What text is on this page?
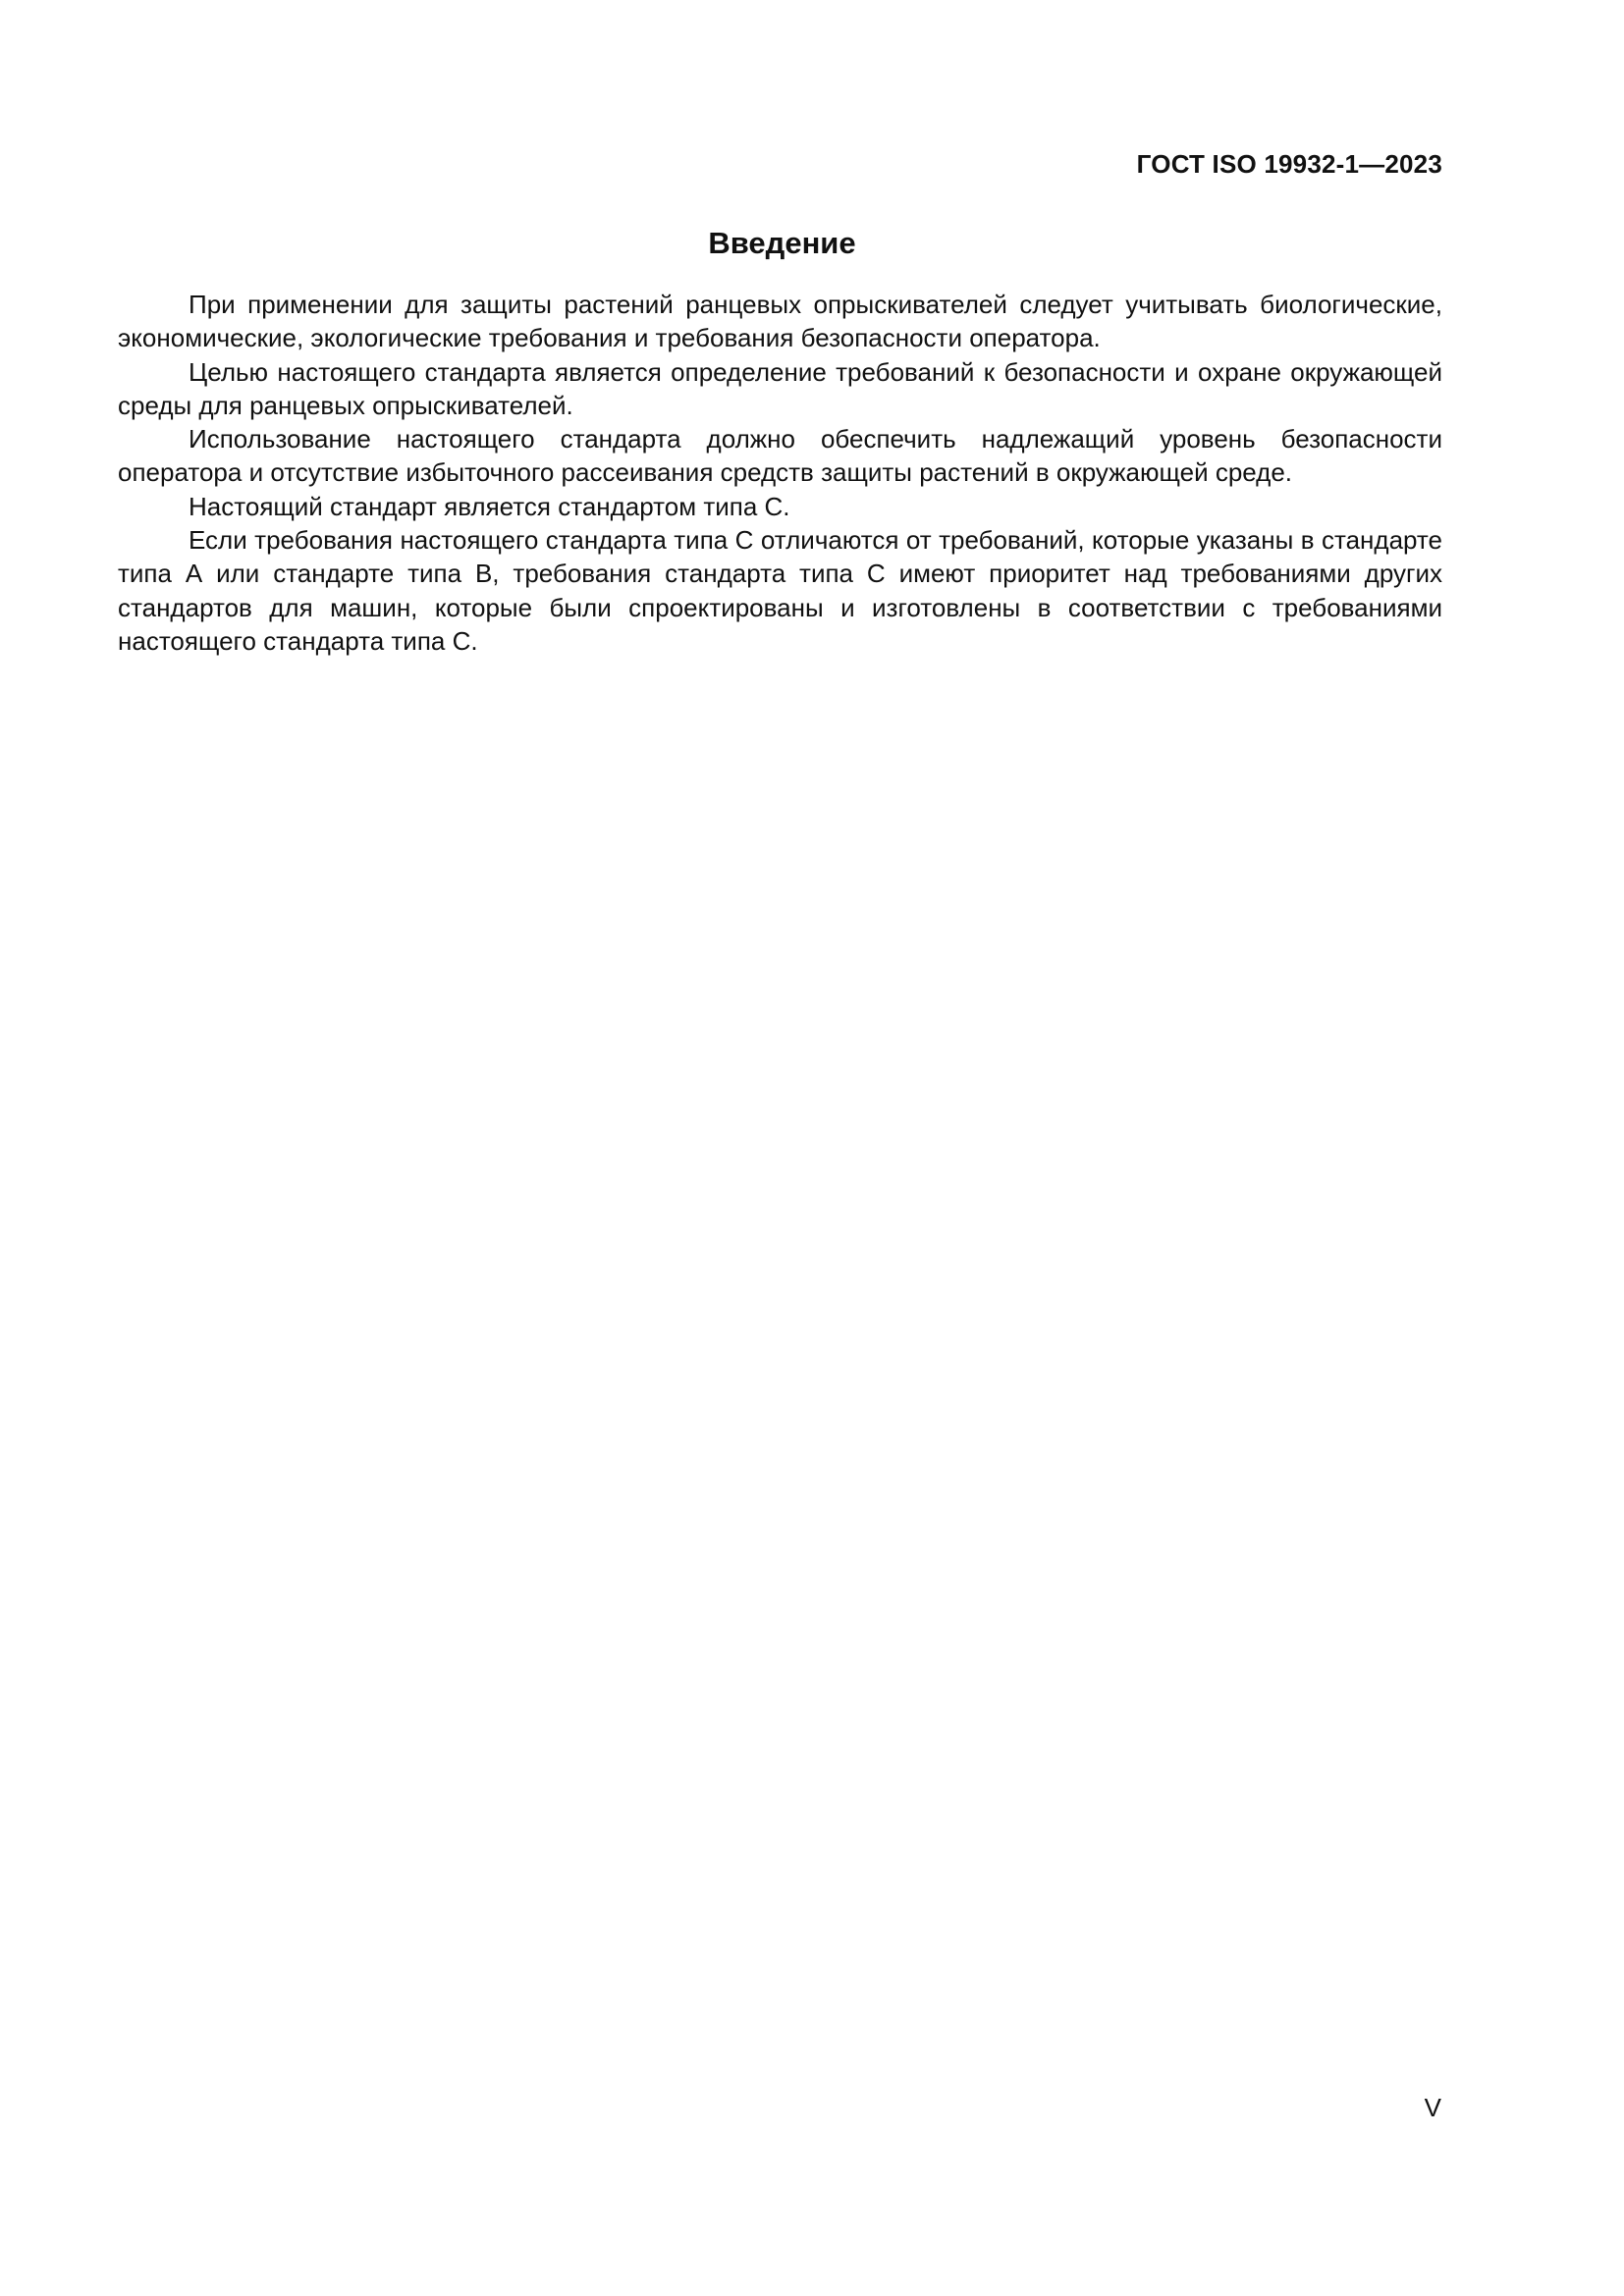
ГОСТ ISO 19932-1—2023
Введение

При применении для защиты растений ранцевых опрыскивателей следует учитывать биологические, экономические, экологические требования и требования безопасности оператора.

Целью настоящего стандарта является определение требований к безопасности и охране окружающей среды для ранцевых опрыскивателей.

Использование настоящего стандарта должно обеспечить надлежащий уровень безопасности оператора и отсутствие избыточного рассеивания средств защиты растений в окружающей среде.

Настоящий стандарт является стандартом типа С.

Если требования настоящего стандарта типа С отличаются от требований, которые указаны в стандарте типа А или стандарте типа В, требования стандарта типа С имеют приоритет над требованиями других стандартов для машин, которые были спроектированы и изготовлены в соответствии с требованиями настоящего стандарта типа С.

V
